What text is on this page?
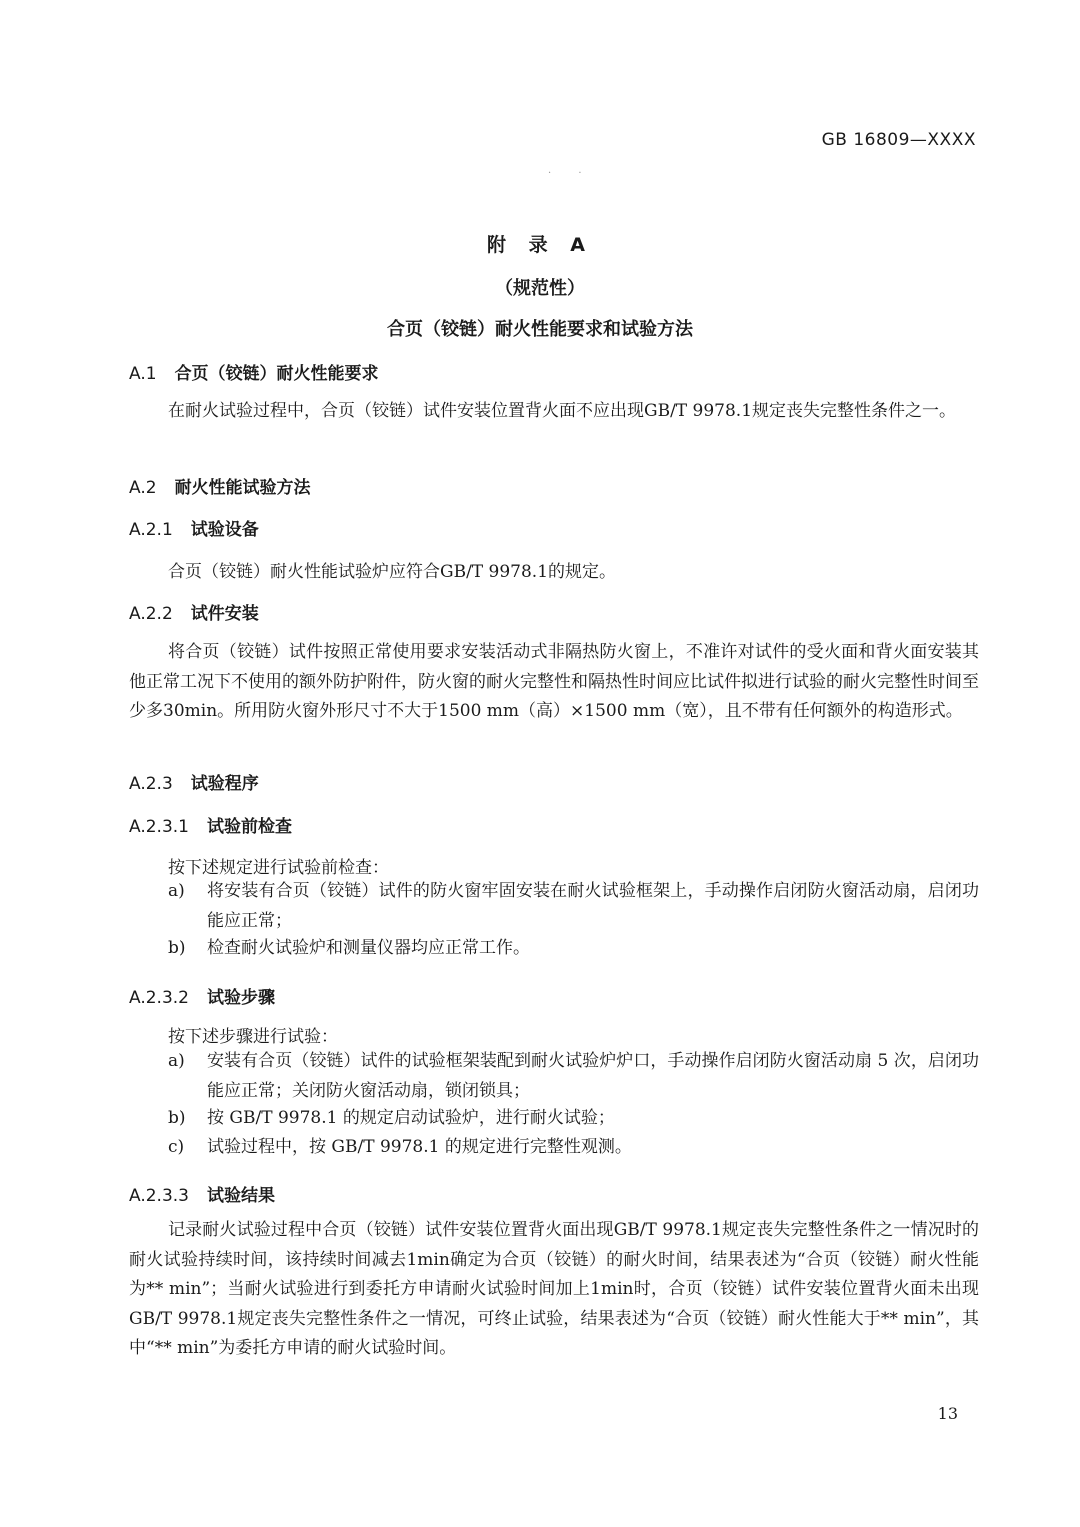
GB 16809—XXXX
· ·
附 录 A
（规范性）
合页（铰链）耐火性能要求和试验方法
A.1 合页（铰链）耐火性能要求
在耐火试验过程中，合页（铰链）试件安装位置背火面不应出现GB/T 9978.1规定丧失完整性条件之一。
A.2 耐火性能试验方法
A.2.1 试验设备
合页（铰链）耐火性能试验炉应符合GB/T 9978.1的规定。
A.2.2 试件安装
将合页（铰链）试件按照正常使用要求安装活动式非隔热防火窗上，不准许对试件的受火面和背火面安装其他正常工况下不使用的额外防护附件，防火窗的耐火完整性和隔热性时间应比试件拟进行试验的耐火完整性时间至少多30min。所用防火窗外形尺寸不大于1500 mm（高）×1500 mm（宽），且不带有任何额外的构造形式。
A.2.3 试验程序
A.2.3.1 试验前检查
按下述规定进行试验前检查：
a) 将安装有合页（铰链）试件的防火窗牢固安装在耐火试验框架上，手动操作启闭防火窗活动扇，启闭功能应正常；
b) 检查耐火试验炉和测量仪器均应正常工作。
A.2.3.2 试验步骤
按下述步骤进行试验：
a) 安装有合页（铰链）试件的试验框架装配到耐火试验炉炉口，手动操作启闭防火窗活动扇 5 次，启闭功能应正常；关闭防火窗活动扇，锁闭锁具；
b) 按 GB/T 9978.1 的规定启动试验炉，进行耐火试验；
c) 试验过程中，按 GB/T 9978.1 的规定进行完整性观测。
A.2.3.3 试验结果
记录耐火试验过程中合页（铰链）试件安装位置背火面出现GB/T 9978.1规定丧失完整性条件之一情况时的耐火试验持续时间，该持续时间减去1min确定为合页（铰链）的耐火时间，结果表述为“合页（铰链）耐火性能为** min”；当耐火试验进行到委托方申请耐火试验时间加上1min时，合页（铰链）试件安装位置背火面未出现GB/T 9978.1规定丧失完整性条件之一情况，可终止试验，结果表述为“合页（铰链）耐火性能大于** min”，其中“** min”为委托方申请的耐火试验时间。
13
